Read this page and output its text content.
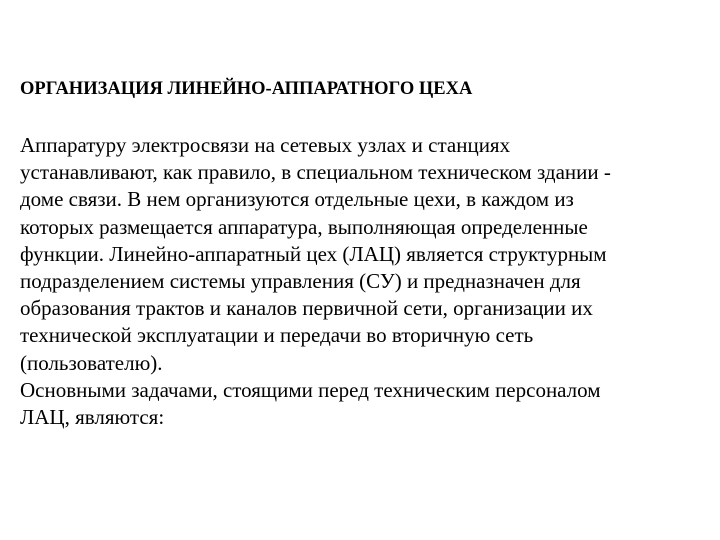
ОРГАНИЗАЦИЯ ЛИНЕЙНО-АППАРАТНОГО ЦЕХА
Аппаратуру электросвязи на сетевых узлах и станциях
устанавливают, как правило, в специальном техническом здании -
доме связи. В нем организуются отдельные цехи, в каждом из
которых размещается аппаратура, выполняющая определенные
функции. Линейно-аппаратный цех (ЛАЦ) является структурным
подразделением системы управления (СУ) и предназначен для
образования трактов и каналов первичной сети, организации их
технической эксплуатации и передачи во вторичную сеть
(пользователю).
Основными задачами, стоящими перед техническим персоналом
ЛАЦ, являются:
